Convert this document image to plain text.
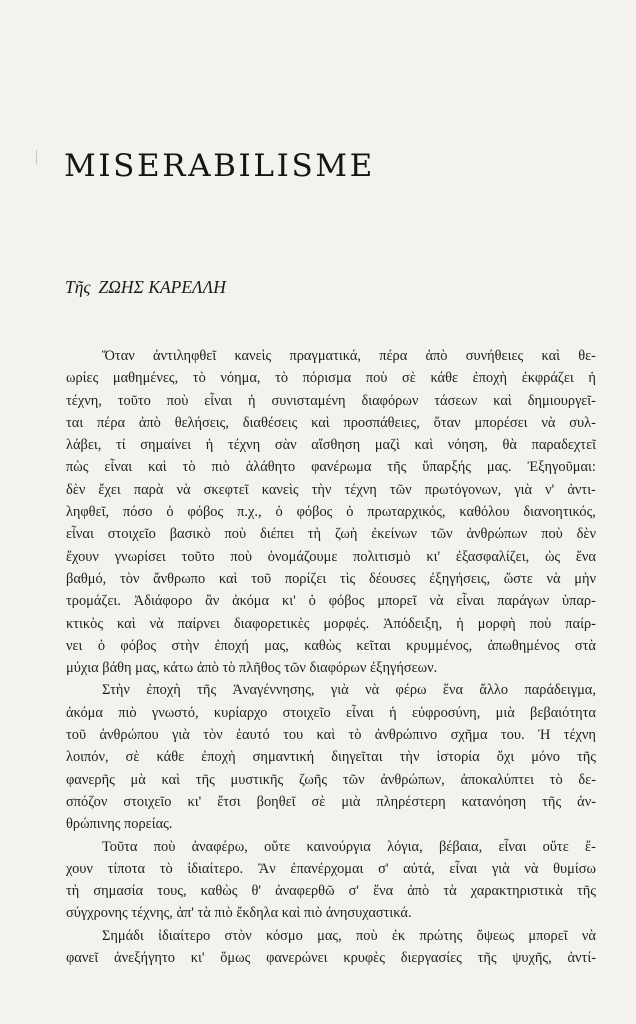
MISERABILISME

Τῆς ΖΩΗΣ ΚΑΡΕΛΛΗ

Ὅταν ἀντιληφθεῖ κανεὶς πραγματικά, πέρα ἀπὸ συνήθειες καὶ θε-
ωρίες μαθημένες, τὸ νόημα, τὸ πόρισμα ποὺ σὲ κάθε ἐποχὴ ἐκφράζει ἡ
τέχνη, τοῦτο ποὺ εἶναι ἡ συνισταμένη διαφόρων τάσεων καὶ δημιουργεῖ-
ται πέρα ἀπὸ θελήσεις, διαθέσεις καὶ προσπάθειες, ὅταν μπορέσει νὰ συλ-
λάβει, τί σημαίνει ἡ τέχνη σὰν αἴσθηση μαζὶ καὶ νόηση, θὰ παραδεχτεῖ
πὼς εἶναι καὶ τὸ πιὸ ἀλάθητο φανέρωμα τῆς ὕπαρξής μας. Ἐξηγοῦμαι:
δὲν ἔχει παρὰ νὰ σκεφτεῖ κανεὶς τὴν τέχνη τῶν πρωτόγονων, γιὰ ν' ἀντι-
ληφθεῖ, πόσο ὁ φόβος π.χ., ὁ φόβος ὁ πρωταρχικός, καθόλου διανοητικός,
εἶναι στοιχεῖο βασικὸ ποὺ διέπει τὴ ζωὴ ἐκείνων τῶν ἀνθρώπων ποὺ δὲν
ἔχουν γνωρίσει τοῦτο ποὺ ὀνομάζουμε πολιτισμὸ κι' ἐξασφαλίζει, ὡς ἕνα
βαθμό, τὸν ἄνθρωπο καὶ τοῦ πορίζει τὶς δέουσες ἐξηγήσεις, ὥστε νὰ μὴν
τρομάζει. Ἀδιάφορο ἂν ἀκόμα κι' ὁ φόβος μπορεῖ νὰ εἶναι παράγων ὑπαρ-
κτικὸς καὶ νὰ παίρνει διαφορετικὲς μορφές. Ἀπόδειξη, ἡ μορφὴ ποὺ παίρ-
νει ὁ φόβος στὴν ἐποχή μας, καθὼς κεῖται κρυμμένος, ἀπωθημένος στὰ
μύχια βάθη μας, κάτω ἀπὸ τὸ πλῆθος τῶν διαφόρων ἐξηγήσεων.
Στὴν ἐποχὴ τῆς Ἀναγέννησης, γιὰ νὰ φέρω ἕνα ἄλλο παράδειγμα,
ἀκόμα πιὸ γνωστό, κυρίαρχο στοιχεῖο εἶναι ἡ εὐφροσύνη, μιὰ βεβαιότητα
τοῦ ἀνθρώπου γιὰ τὸν ἑαυτό του καὶ τὸ ἀνθρώπινο σχῆμα του. Ἡ τέχνη
λοιπόν, σὲ κάθε ἐποχὴ σημαντική διηγεῖται τὴν ἱστορία ὄχι μόνο τῆς
φανερῆς μὰ καὶ τῆς μυστικῆς ζωῆς τῶν ἀνθρώπων, ἀποκαλύπτει τὸ δε-
σπόζον στοιχεῖο κι' ἔτσι βοηθεῖ σὲ μιὰ πληρέστερη κατανόηση τῆς ἀν-
θρώπινης πορείας.
Τοῦτα ποὺ ἀναφέρω, οὔτε καινούργια λόγια, βέβαια, εἶναι οὔτε ἔ-
χουν τίποτα τὸ ἰδιαίτερο. Ἂν ἐπανέρχομαι σ' αὐτά, εἶναι γιὰ νὰ θυμίσω
τὴ σημασία τους, καθὼς θ' ἀναφερθῶ σ' ἕνα ἀπὸ τὰ χαρακτηριστικὰ τῆς
σύγχρονης τέχνης, ἀπ' τὰ πιὸ ἔκδηλα καὶ πιὸ ἀνησυχαστικά.
Σημάδι ἰδιαίτερο στὸν κόσμο μας, ποὺ ἐκ πρώτης ὄψεως μπορεῖ νὰ
φανεῖ ἀνεξήγητο κι' ὅμως φανερώνει κρυφὲς διεργασίες τῆς ψυχῆς, ἀντί-
